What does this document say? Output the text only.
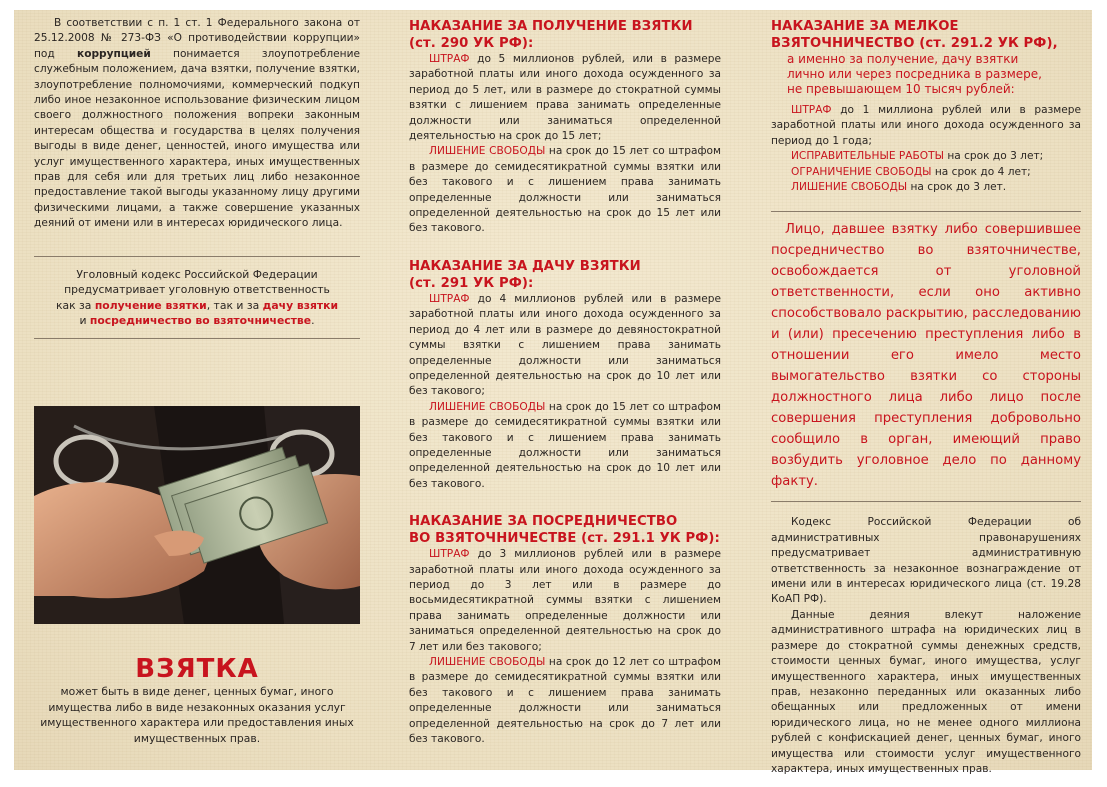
В соответствии с п. 1 ст. 1 Федерального закона от 25.12.2008 № 273-ФЗ «О противодействии коррупции» под коррупцией понимается злоупотребление служебным положением, дача взятки, получение взятки, злоупотребление полномочиями, коммерческий подкуп либо иное незаконное использование физическим лицом своего должностного положения вопреки законным интересам общества и государства в целях получения выгоды в виде денег, ценностей, иного имущества или услуг имущественного характера, иных имущественных прав для себя или для третьих лиц либо незаконное предоставление такой выгоды указанному лицу другими физическими лицами, а также совершение указанных деяний от имени или в интересах юридического лица.

Уголовный кодекс Российской Федерации

предусматривает уголовную ответственность

как за получение взятки, так и за дачу взятки

и посредничество во взяточничестве.

ВЗЯТКА

может быть в виде денег, ценных бумаг, иного имущества либо в виде незаконных оказания услуг имущественного характера или предоставления иных имущественных прав.

НАКАЗАНИЕ ЗА ПОЛУЧЕНИЕ ВЗЯТКИ
(ст. 290 УК РФ):

ШТРАФ до 5 миллионов рублей, или в размере заработной платы или иного дохода осужденного за период до 5 лет, или в размере до стократной суммы взятки с лишением права занимать определенные должности или заниматься определенной деятельностью на срок до 15 лет;

ЛИШЕНИЕ СВОБОДЫ на срок до 15 лет со штрафом в размере до семидесятикратной суммы взятки или без такового и с лишением права занимать определенные должности или заниматься определенной деятельностью на срок до 15 лет или без такового.

НАКАЗАНИЕ ЗА ДАЧУ ВЗЯТКИ
(ст. 291 УК РФ):

ШТРАФ до 4 миллионов рублей или в размере заработной платы или иного дохода осужденного за период до 4 лет или в размере до девяностократной суммы взятки с лишением права занимать определенные должности или заниматься определенной деятельностью на срок до 10 лет или без такового;

ЛИШЕНИЕ СВОБОДЫ на срок до 15 лет со штрафом в размере до семидесятикратной суммы взятки или без такового и с лишением права занимать определенные должности или заниматься определенной деятельностью на срок до 10 лет или без такового.

НАКАЗАНИЕ ЗА ПОСРЕДНИЧЕСТВО
ВО ВЗЯТОЧНИЧЕСТВЕ (ст. 291.1 УК РФ):

ШТРАФ до 3 миллионов рублей или в размере заработной платы или иного дохода осужденного за период до 3 лет или в размере до восьмидесятикратной суммы взятки с лишением права занимать определенные должности или заниматься определенной деятельностью на срок до 7 лет или без такового;

ЛИШЕНИЕ СВОБОДЫ на срок до 12 лет со штрафом в размере до семидесятикратной суммы взятки или без такового и с лишением права занимать определенные должности или заниматься определенной деятельностью на срок до 7 лет или без такового.

НАКАЗАНИЕ ЗА МЕЛКОЕ
ВЗЯТОЧНИЧЕСТВО (ст. 291.2 УК РФ),

а именно за получение, дачу взятки

лично или через посредника в размере,

не превышающем 10 тысяч рублей:

ШТРАФ до 1 миллиона рублей или в размере заработной платы или иного дохода осужденного за период до 1 года;

ИСПРАВИТЕЛЬНЫЕ РАБОТЫ на срок до 3 лет;

ОГРАНИЧЕНИЕ СВОБОДЫ на срок до 4 лет;

ЛИШЕНИЕ СВОБОДЫ на срок до 3 лет.

Лицо, давшее взятку либо совершившее посредничество во взяточничестве, освобождается от уголовной ответственности, если оно активно способствовало раскрытию, расследованию и (или) пресечению преступления либо в отношении его имело место вымогательство взятки со стороны должностного лица либо лицо после совершения преступления добровольно сообщило в орган, имеющий право возбудить уголовное дело по данному факту.

Кодекс Российской Федерации об административных правонарушениях предусматривает административную ответственность за незаконное вознаграждение от имени или в интересах юридического лица (ст. 19.28 КоАП РФ).

Данные деяния влекут наложение административного штрафа на юридических лиц в размере до стократной суммы денежных средств, стоимости ценных бумаг, иного имущества, услуг имущественного характера, иных имущественных прав, незаконно переданных или оказанных либо обещанных или предложенных от имени юридического лица, но не менее одного миллиона рублей с конфискацией денег, ценных бумаг, иного имущества или стоимости услуг имущественного характера, иных имущественных прав.
